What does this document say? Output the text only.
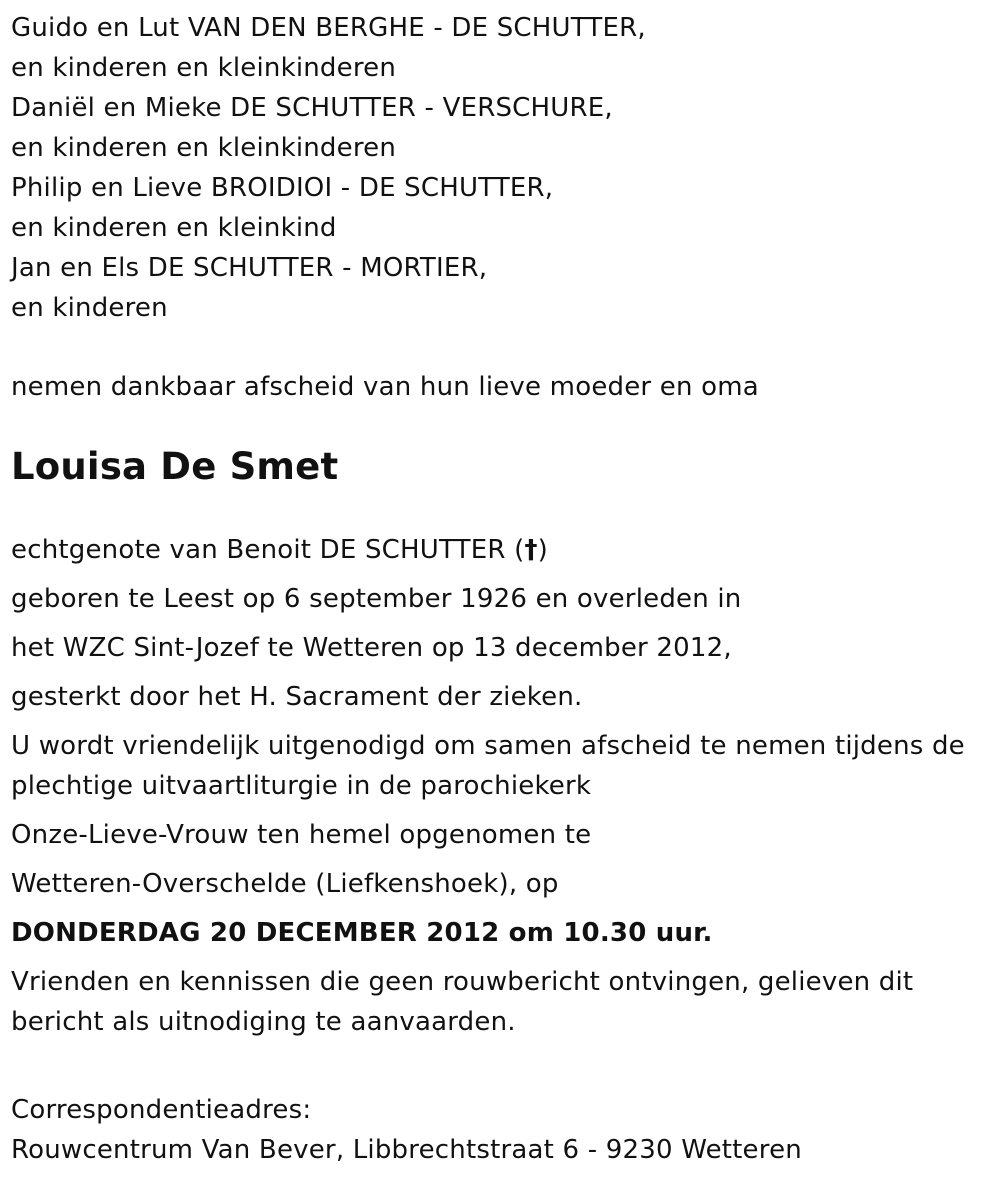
Guido en Lut VAN DEN BERGHE - DE SCHUTTER,
en kinderen en kleinkinderen
Daniël en Mieke DE SCHUTTER - VERSCHURE,
en kinderen en kleinkinderen
Philip en Lieve BROIDIOI - DE SCHUTTER,
en kinderen en kleinkind
Jan en Els DE SCHUTTER - MORTIER,
en kinderen
nemen dankbaar afscheid van hun lieve moeder en oma
Louisa De Smet
echtgenote van Benoit DE SCHUTTER (†)
geboren te Leest op 6 september 1926 en overleden in
het WZC Sint-Jozef te Wetteren op 13 december 2012,
gesterkt door het H. Sacrament der zieken.
U wordt vriendelijk uitgenodigd om samen afscheid te nemen tijdens de plechtige uitvaartliturgie in de parochiekerk
Onze-Lieve-Vrouw ten hemel opgenomen te
Wetteren-Overschelde (Liefkenshoek), op
DONDERDAG 20 DECEMBER 2012 om 10.30 uur.
Vrienden en kennissen die geen rouwbericht ontvingen, gelieven dit bericht als uitnodiging te aanvaarden.
Correspondentieadres:
Rouwcentrum Van Bever, Libbrechtstraat 6 - 9230 Wetteren
